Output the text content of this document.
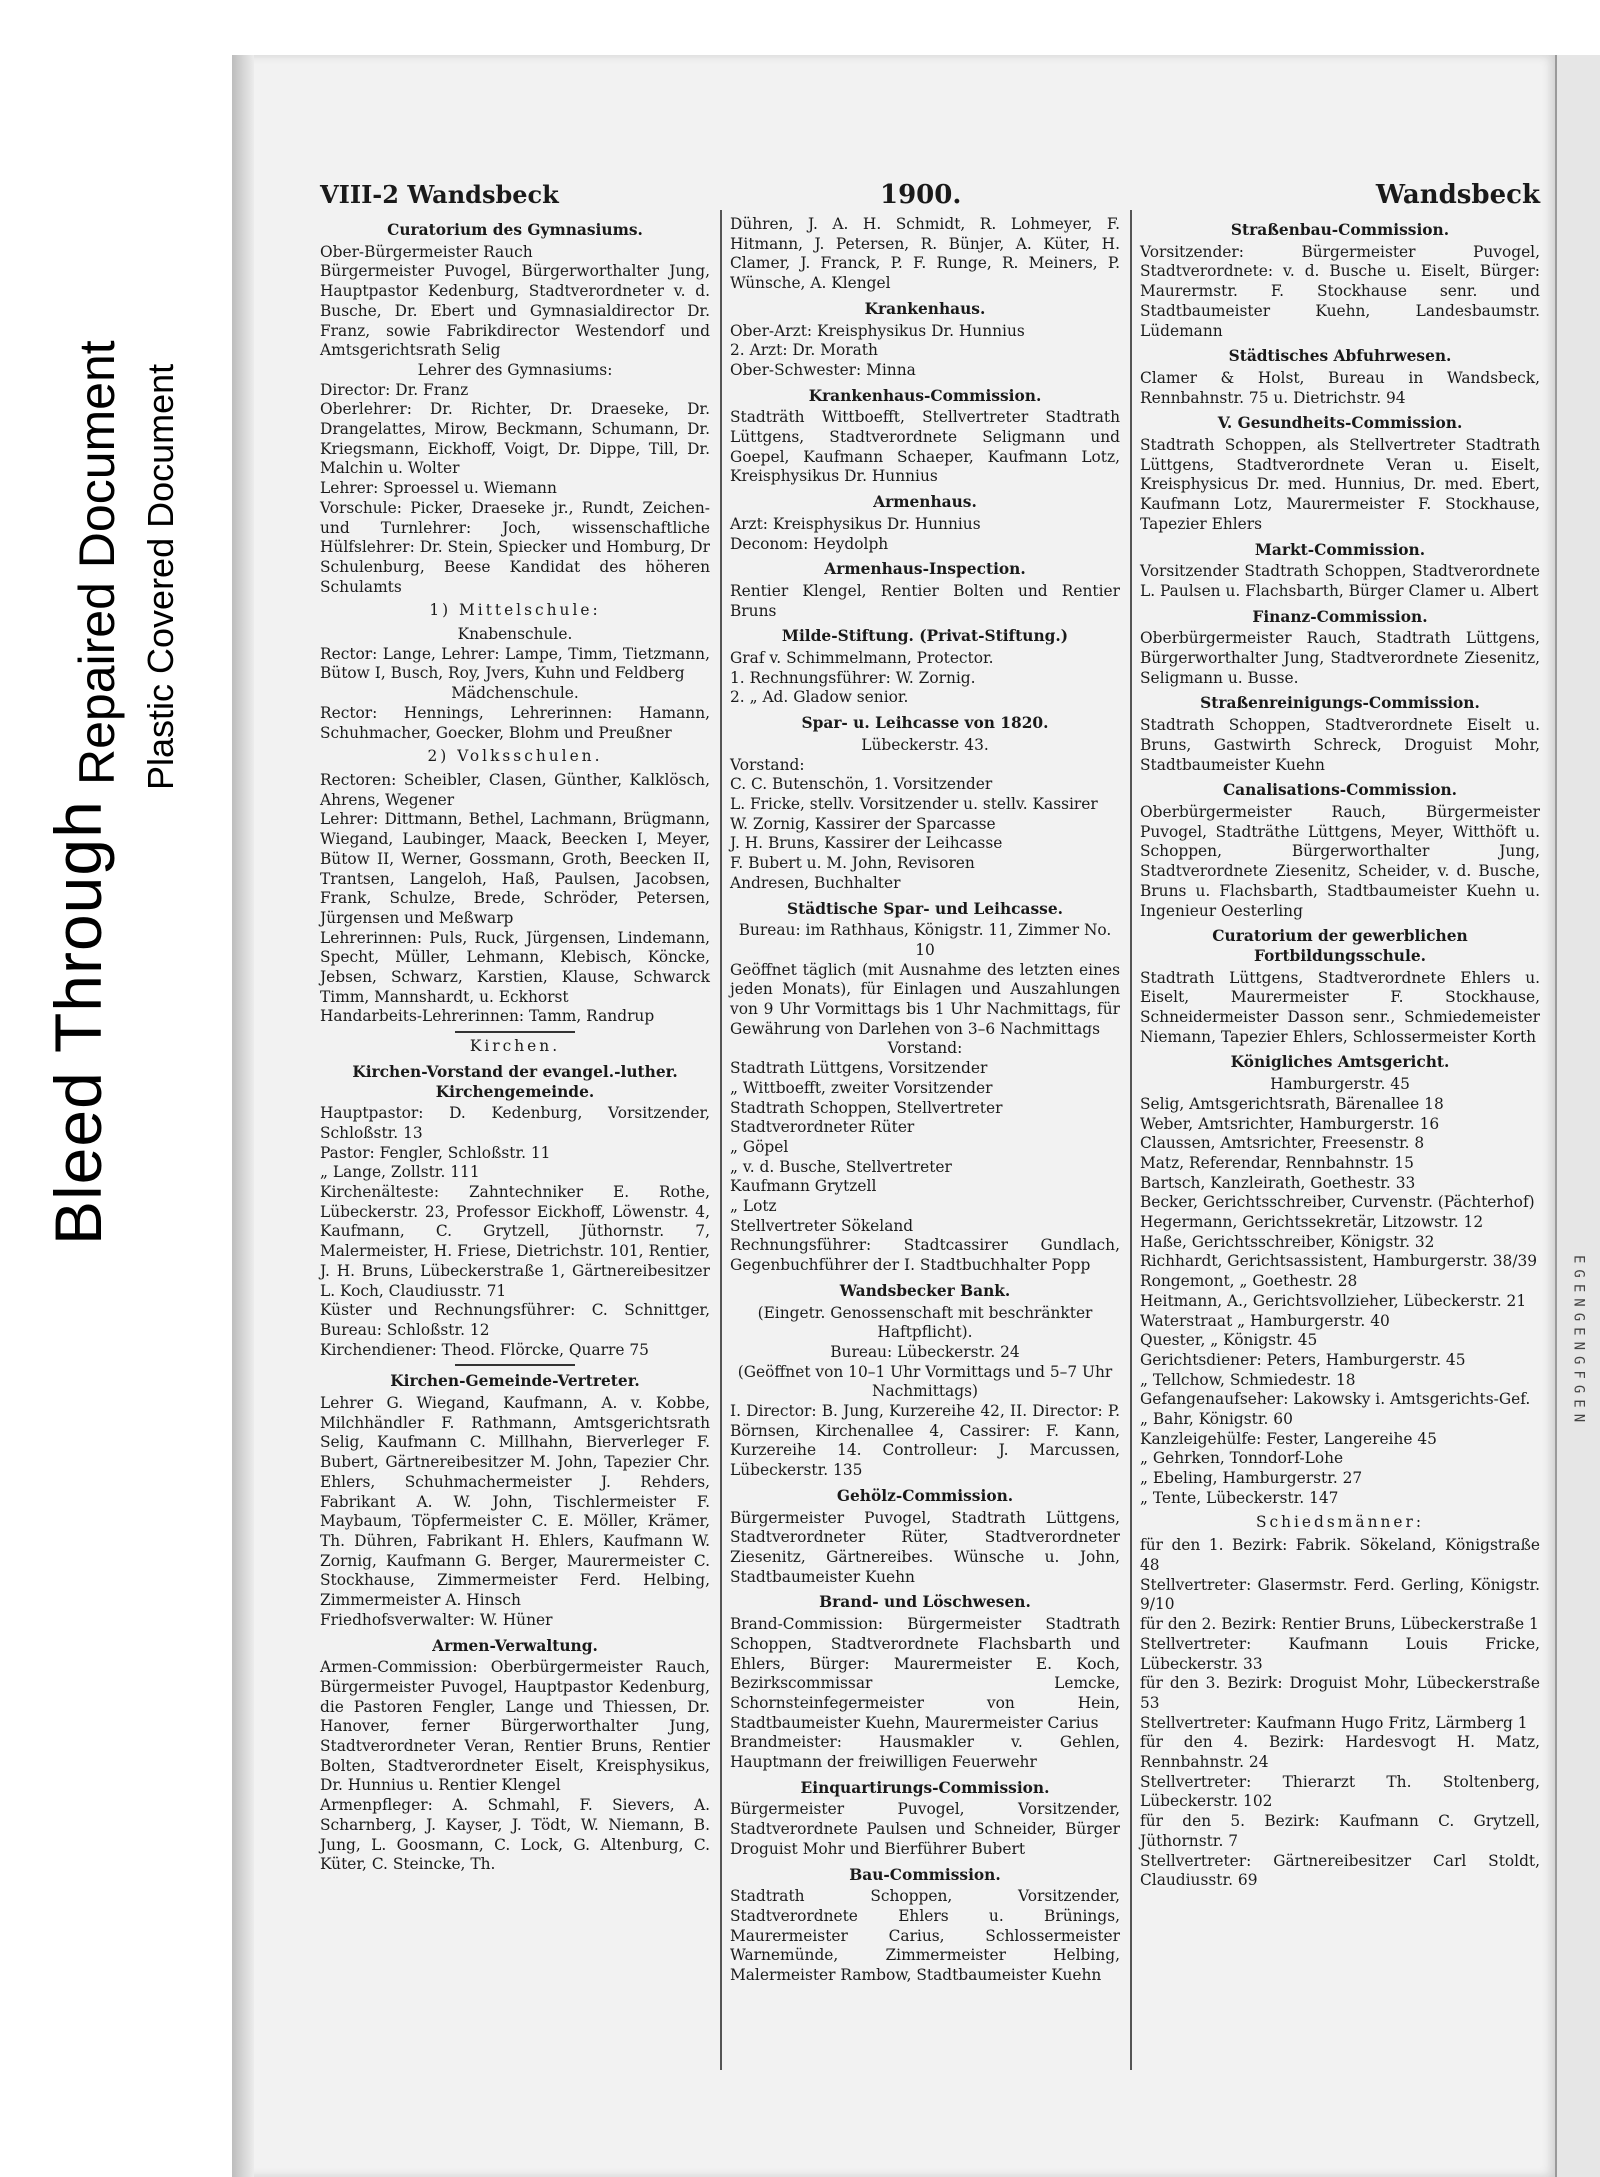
Bleed Through
Repaired Document Plastic Covered Document
VIII-2 Wandsbeck	1900.	Wandsbeck
Curatorium des Gymnasiums.
Ober-Bürgermeister Rauch
Bürgermeister Puvogel, Bürgerworthalter Jung, Hauptpastor Kedenburg, Stadtverordneter v. d. Busche, Dr. Ebert und Gymnasialdirector Dr. Franz, sowie Fabrikdirector Westendorf und Amtsgerichtsrath Selig
Lehrer des Gymnasiums:
Director: Dr. Franz
Oberlehrer: Dr. Richter, Dr. Draeseke, Dr. Drangelattes, Mirow, Beckmann, Schumann, Dr. Kriegsmann, Eickhoff, Voigt, Dr. Dippe, Till, Dr. Malchin u. Wolter
Lehrer: Sproessel u. Wiemann
Vorschule: Picker, Draeseke jr., Rundt, Zeichen- und Turnlehrer: Joch, wissenschaftliche Hülfslehrer: Dr. Stein, Spiecker und Homburg, Dr Schulenburg, Beese Kandidat des höheren Schulamts
1) Mittelschule:
Knabenschule.
Rector: Lange, Lehrer: Lampe, Timm, Tietzmann, Bütow I, Busch, Roy, Jvers, Kuhn und Feldberg
Mädchenschule.
Rector: Hennings, Lehrerinnen: Hamann, Schuhmacher, Goecker, Blohm und Preußner
2) Volksschulen.
Rectoren: Scheibler, Clasen, Günther, Kalklösch, Ahrens, Wegener
Lehrer: Dittmann, Bethel, Lachmann, Brügmann, Wiegand, Laubinger, Maack, Beecken I, Meyer, Bütow II, Werner, Gossmann, Groth, Beecken II, Trantsen, Langeloh, Haß, Paulsen, Jacobsen, Frank, Schulze, Brede, Schröder, Petersen, Jürgensen und Meßwarp
Lehrerinnen: Puls, Ruck, Jürgensen, Lindemann, Specht, Müller, Lehmann, Klebisch, Köncke, Jebsen, Schwarz, Karstien, Klause, Schwarck Timm, Mannshardt, u. Eckhorst
Handarbeits-Lehrerinnen: Tamm, Randrup
Kirchen.
Kirchen-Vorstand der evangel.-luther. Kirchengemeinde.
Hauptpastor: D. Kedenburg, Vorsitzender, Schloßstr. 13
Pastor: Fengler, Schloßstr. 11
„ Lange, Zollstr. 111
Kirchenälteste: Zahntechniker E. Rothe, Lübeckerstr. 23, Professor Eickhoff, Löwenstr. 4, Kaufmann, C. Grytzell, Jüthornstr. 7, Malermeister, H. Friese, Dietrichstr. 101, Rentier, J. H. Bruns, Lübeckerstraße 1, Gärtnereibesitzer L. Koch, Claudiusstr. 71
Küster und Rechnungsführer: C. Schnittger, Bureau: Schloßstr. 12
Kirchendiener: Theod. Flörcke, Quarre 75
Kirchen-Gemeinde-Vertreter.
Lehrer G. Wiegand, Kaufmann, A. v. Kobbe, Milchhändler F. Rathmann, Amtsgerichtsrath Selig, Kaufmann C. Millhahn, Bierverleger F. Bubert, Gärtnereibesitzer M. John, Tapezier Chr. Ehlers, Schuhmachermeister J. Rehders, Fabrikant A. W. John, Tischlermeister F. Maybaum, Töpfermeister C. E. Möller, Krämer, Th. Dühren, Fabrikant H. Ehlers, Kaufmann W. Zornig, Kaufmann G. Berger, Maurermeister C. Stockhause, Zimmermeister Ferd. Helbing, Zimmermeister A. Hinsch
Friedhofsverwalter: W. Hüner
Armen-Verwaltung.
Armen-Commission: Oberbürgermeister Rauch, Bürgermeister Puvogel, Hauptpastor Kedenburg, die Pastoren Fengler, Lange und Thiessen, Dr. Hanover, ferner Bürgerworthalter Jung, Stadtverordneter Veran, Rentier Bruns, Rentier Bolten, Stadtverordneter Eiselt, Kreisphysikus, Dr. Hunnius u. Rentier Klengel
Armenpfleger: A. Schmahl, F. Sievers, A. Scharnberg, J. Kayser, J. Tödt, W. Niemann, B. Jung, L. Goosmann, C. Lock, G. Altenburg, C. Küter, C. Steincke, Th.
Dühren, J. A. H. Schmidt, R. Lohmeyer, F. Hitmann, J. Petersen, R. Bünjer, A. Küter, H. Clamer, J. Franck, P. F. Runge, R. Meiners, P. Wünsche, A. Klengel
Krankenhaus.
Ober-Arzt: Kreisphysikus Dr. Hunnius
2. Arzt: Dr. Morath
Ober-Schwester: Minna
Krankenhaus-Commission.
Stadträth Wittboefft, Stellvertreter Stadtrath Lüttgens, Stadtverordnete Seligmann und Goepel, Kaufmann Schaeper, Kaufmann Lotz, Kreisphysikus Dr. Hunnius
Armenhaus.
Arzt: Kreisphysikus Dr. Hunnius
Deconom: Heydolph
Armenhaus-Inspection.
Rentier Klengel, Rentier Bolten und Rentier Bruns
Milde-Stiftung. (Privat-Stiftung.)
Graf v. Schimmelmann, Protector.
1. Rechnungsführer: W. Zornig.
2. „ Ad. Gladow senior.
Spar- u. Leihcasse von 1820.
Lübeckerstr. 43.
Vorstand:
C. C. Butenschön, 1. Vorsitzender
L. Fricke, stellv. Vorsitzender u. stellv. Kassirer
W. Zornig, Kassirer der Sparcasse
J. H. Bruns, Kassirer der Leihcasse
F. Bubert u. M. John, Revisoren
Andresen, Buchhalter
Städtische Spar- und Leihcasse.
Bureau: im Rathhaus, Königstr. 11, Zimmer No. 10
Geöffnet täglich (mit Ausnahme des letzten eines jeden Monats), für Einlagen und Auszahlungen von 9 Uhr Vormittags bis 1 Uhr Nachmittags, für Gewährung von Darlehen von 3–6 Nachmittags
Vorstand:
Stadtrath Lüttgens, Vorsitzender
„ Wittboefft, zweiter Vorsitzender
Stadtrath Schoppen, Stellvertreter
Stadtverordneter Rüter
„ Göpel
„ v. d. Busche, Stellvertreter
Kaufmann Grytzell
„ Lotz
Stellvertreter Sökeland
Rechnungsführer: Stadtcassirer Gundlach, Gegenbuchführer der I. Stadtbuchhalter Popp
Wandsbecker Bank.
(Eingetr. Genossenschaft mit beschränkter Haftpflicht).
Bureau: Lübeckerstr. 24
(Geöffnet von 10–1 Uhr Vormittags und 5–7 Uhr Nachmittags)
I. Director: B. Jung, Kurzereihe 42, II. Director: P. Börnsen, Kirchenallee 4, Cassirer: F. Kann, Kurzereihe 14. Controlleur: J. Marcussen, Lübeckerstr. 135
Gehölz-Commission.
Bürgermeister Puvogel, Stadtrath Lüttgens, Stadtverordneter Rüter, Stadtverordneter Ziesenitz, Gärtnereibes. Wünsche u. John, Stadtbaumeister Kuehn
Brand- und Löschwesen.
Brand-Commission: Bürgermeister Stadtrath Schoppen, Stadtverordnete Flachsbarth und Ehlers, Bürger: Maurermeister E. Koch, Bezirkscommissar Lemcke, Schornsteinfegermeister von Hein, Stadtbaumeister Kuehn, Maurermeister Carius
Brandmeister: Hausmakler v. Gehlen, Hauptmann der freiwilligen Feuerwehr
Einquartirungs-Commission.
Bürgermeister Puvogel, Vorsitzender, Stadtverordnete Paulsen und Schneider, Bürger Droguist Mohr und Bierführer Bubert
Bau-Commission.
Stadtrath Schoppen, Vorsitzender, Stadtverordnete Ehlers u. Brünings, Maurermeister Carius, Schlossermeister Warnemünde, Zimmermeister Helbing, Malermeister Rambow, Stadtbaumeister Kuehn
Straßenbau-Commission.
Vorsitzender: Bürgermeister Puvogel, Stadtverordnete: v. d. Busche u. Eiselt, Bürger: Maurermstr. F. Stockhause senr. und Stadtbaumeister Kuehn, Landesbaumstr. Lüdemann
Städtisches Abfuhrwesen.
Clamer & Holst, Bureau in Wandsbeck, Rennbahnstr. 75 u. Dietrichstr. 94
V. Gesundheits-Commission.
Stadtrath Schoppen, als Stellvertreter Stadtrath Lüttgens, Stadtverordnete Veran u. Eiselt, Kreisphysicus Dr. med. Hunnius, Dr. med. Ebert, Kaufmann Lotz, Maurermeister F. Stockhause, Tapezier Ehlers
Markt-Commission.
Vorsitzender Stadtrath Schoppen, Stadtverordnete L. Paulsen u. Flachsbarth, Bürger Clamer u. Albert
Finanz-Commission.
Oberbürgermeister Rauch, Stadtrath Lüttgens, Bürgerworthalter Jung, Stadtverordnete Ziesenitz, Seligmann u. Busse.
Straßenreinigungs-Commission.
Stadtrath Schoppen, Stadtverordnete Eiselt u. Bruns, Gastwirth Schreck, Droguist Mohr, Stadtbaumeister Kuehn
Canalisations-Commission.
Oberbürgermeister Rauch, Bürgermeister Puvogel, Stadträthe Lüttgens, Meyer, Witthöft u. Schoppen, Bürgerworthalter Jung, Stadtverordnete Ziesenitz, Scheider, v. d. Busche, Bruns u. Flachsbarth, Stadtbaumeister Kuehn u. Ingenieur Oesterling
Curatorium der gewerblichen Fortbildungsschule.
Stadtrath Lüttgens, Stadtverordnete Ehlers u. Eiselt, Maurermeister F. Stockhause, Schneidermeister Dasson senr., Schmiedemeister Niemann, Tapezier Ehlers, Schlossermeister Korth
Königliches Amtsgericht.
Hamburgerstr. 45
Selig, Amtsgerichtsrath, Bärenallee 18
Weber, Amtsrichter, Hamburgerstr. 16
Claussen, Amtsrichter, Freesenstr. 8
Matz, Referendar, Rennbahnstr. 15
Bartsch, Kanzleirath, Goethestr. 33
Becker, Gerichtsschreiber, Curvenstr. (Pächterhof)
Hegermann, Gerichtssekretär, Litzowstr. 12
Haße, Gerichtsschreiber, Königstr. 32
Richhardt, Gerichtsassistent, Hamburgerstr. 38/39
Rongemont, „ Goethestr. 28
Heitmann, A., Gerichtsvollzieher, Lübeckerstr. 21
Waterstraat „ Hamburgerstr. 40
Quester, „ Königstr. 45
Gerichtsdiener: Peters, Hamburgerstr. 45
„ Tellchow, Schmiedestr. 18
Gefangenaufseher: Lakowsky i. Amtsgerichts-Gef.
„ Bahr, Königstr. 60
Kanzleigehülfe: Fester, Langereihe 45
„ Gehrken, Tonndorf-Lohe
„ Ebeling, Hamburgerstr. 27
„ Tente, Lübeckerstr. 147
Schiedsmänner:
für den 1. Bezirk: Fabrik. Sökeland, Königstraße 48
Stellvertreter: Glasermstr. Ferd. Gerling, Königstr. 9/10
für den 2. Bezirk: Rentier Bruns, Lübeckerstraße 1
Stellvertreter: Kaufmann Louis Fricke, Lübeckerstr. 33
für den 3. Bezirk: Droguist Mohr, Lübeckerstraße 53
Stellvertreter: Kaufmann Hugo Fritz, Lärmberg 1
für den 4. Bezirk: Hardesvogt H. Matz, Rennbahnstr. 24
Stellvertreter: Thierarzt Th. Stoltenberg, Lübeckerstr. 102
für den 5. Bezirk: Kaufmann C. Grytzell, Jüthornstr. 7
Stellvertreter: Gärtnereibesitzer Carl Stoldt, Claudiusstr. 69
EGENGENGFGEN
